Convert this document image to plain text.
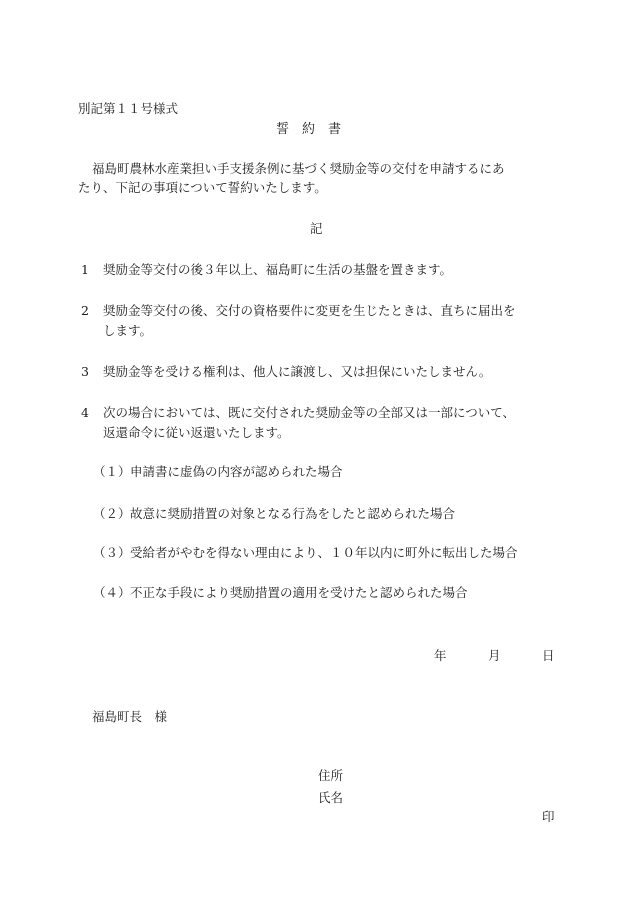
別記第１１号様式
誓　約　書
福島町農林水産業担い手支援条例に基づく奨励金等の交付を申請するにあ
たり、下記の事項について誓約いたします。
記
1 奨励金等交付の後３年以上、福島町に生活の基盤を置きます。
2 奨励金等交付の後、交付の資格要件に変更を生じたときは、直ちに届出を
します。
3 奨励金等を受ける権利は、他人に譲渡し、又は担保にいたしません。
4 次の場合においては、既に交付された奨励金等の全部又は一部について、
返還命令に従い返還いたします。
（１） 申請書に虚偽の内容が認められた場合
（２） 故意に奨励措置の対象となる行為をしたと認められた場合
（３） 受給者がやむを得ない理由により、１０年以内に町外に転出した場合
（４） 不正な手段により奨励措置の適用を受けたと認められた場合
年	月	日
福島町長　様
住所
氏名
印
